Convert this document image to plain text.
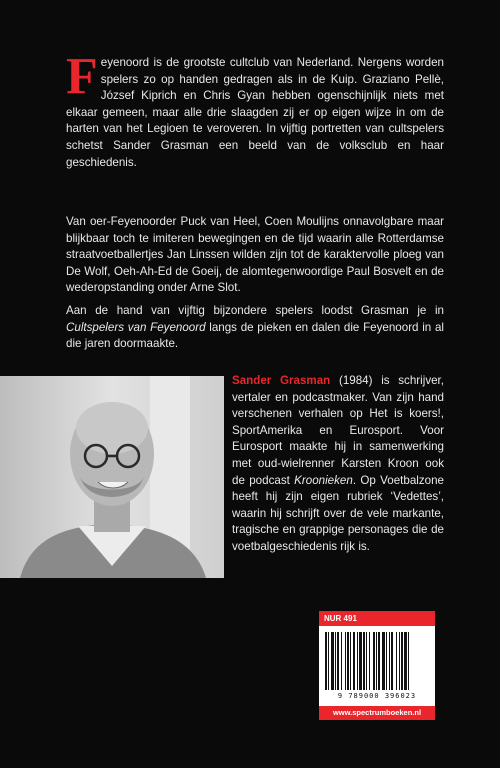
Feyenoord is de grootste cultclub van Nederland. Nergens worden spelers zo op handen gedragen als in de Kuip. Graziano Pellè, József Kiprich en Chris Gyan hebben ogenschijnlijk niets met elkaar gemeen, maar alle drie slaagden zij er op eigen wijze in om de harten van het Legioen te veroveren. In vijftig portretten van cultspelers schetst Sander Grasman een beeld van de volksclub en haar geschiedenis.

Van oer-Feyenoorder Puck van Heel, Coen Moulijns onnavolgbare maar blijkbaar toch te imiteren bewegingen en de tijd waarin alle Rotterdamse straatvoetballertjes Jan Linssen wilden zijn tot de karaktervolle ploeg van De Wolf, Oeh-Ah-Ed de Goeij, de alomtegenwoordige Paul Bosvelt en de wederopstanding onder Arne Slot.

Aan de hand van vijftig bijzondere spelers loodst Grasman je in Cultspelers van Feyenoord langs de pieken en dalen die Feyenoord in al die jaren doormaakte.

Sander Grasman (1984) is schrijver, vertaler en podcastmaker. Van zijn hand verschenen verhalen op Het is koers!, SportAmerika en Eurosport. Voor Eurosport maakte hij in samenwerking met oud-wielrenner Karsten Kroon ook de podcast Kroonieken. Op Voetbalzone heeft hij zijn eigen rubriek ‘Vedettes’, waarin hij schrijft over de vele markante, tragische en grappige personages die de voetbalgeschiedenis rijk is.

NUR 491
9 789000 396023
www.spectrumboeken.nl
